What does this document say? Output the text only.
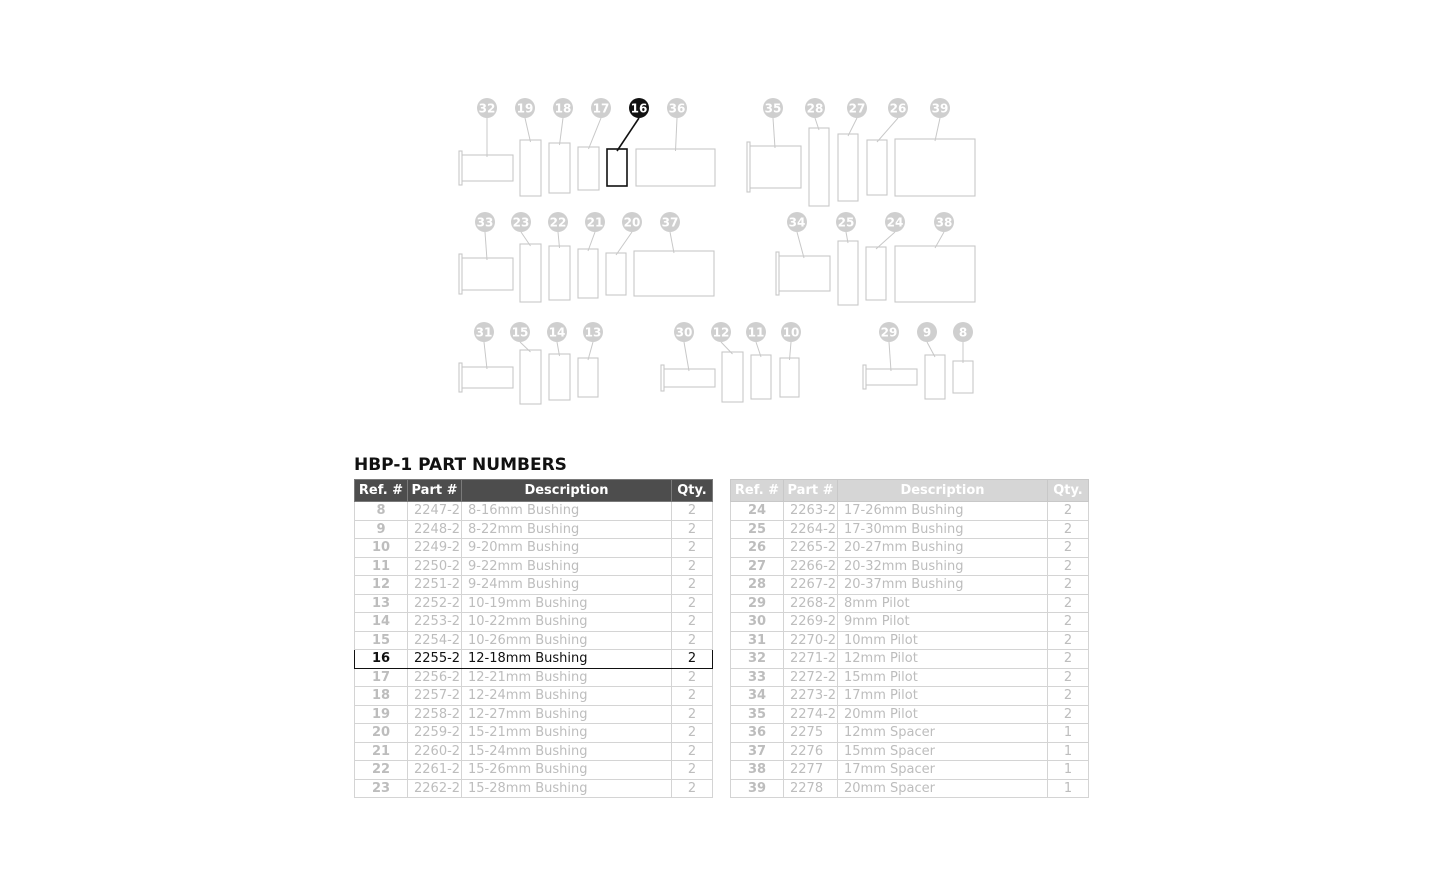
32 19 18 17 16 36	35 28 27 26 39
33 23 22 21 20 37	34	25	24	38
31 15 14 13	30 12 11 10	29 9 8
HBP-1 PART NUMBERS
Ref. #	Part #	Description	Qty.
8	2247-2	8-16mm Bushing	2
9	2248-2	8-22mm Bushing	2
10	2249-2	9-20mm Bushing	2
11	2250-2	9-22mm Bushing	2
12	2251-2	9-24mm Bushing	2
13	2252-2	10-19mm Bushing	2
14	2253-2	10-22mm Bushing	2
15	2254-2	10-26mm Bushing	2
16	2255-2	12-18mm Bushing	2
17	2256-2	12-21mm Bushing	2
18	2257-2	12-24mm Bushing	2
19	2258-2	12-27mm Bushing	2
20	2259-2	15-21mm Bushing	2
21	2260-2	15-24mm Bushing	2
22	2261-2	15-26mm Bushing	2
23	2262-2	15-28mm Bushing	2
Ref. #	Part #	Description	Qty.
24	2263-2	17-26mm Bushing	2
25	2264-2	17-30mm Bushing	2
26	2265-2	20-27mm Bushing	2
27	2266-2	20-32mm Bushing	2
28	2267-2	20-37mm Bushing	2
29	2268-2	8mm Pilot	2
30	2269-2	9mm Pilot	2
31	2270-2	10mm Pilot	2
32	2271-2	12mm Pilot	2
33	2272-2	15mm Pilot	2
34	2273-2	17mm Pilot	2
35	2274-2	20mm Pilot	2
36	2275	12mm Spacer	1
37	2276	15mm Spacer	1
38	2277	17mm Spacer	1
39	2278	20mm Spacer	1
